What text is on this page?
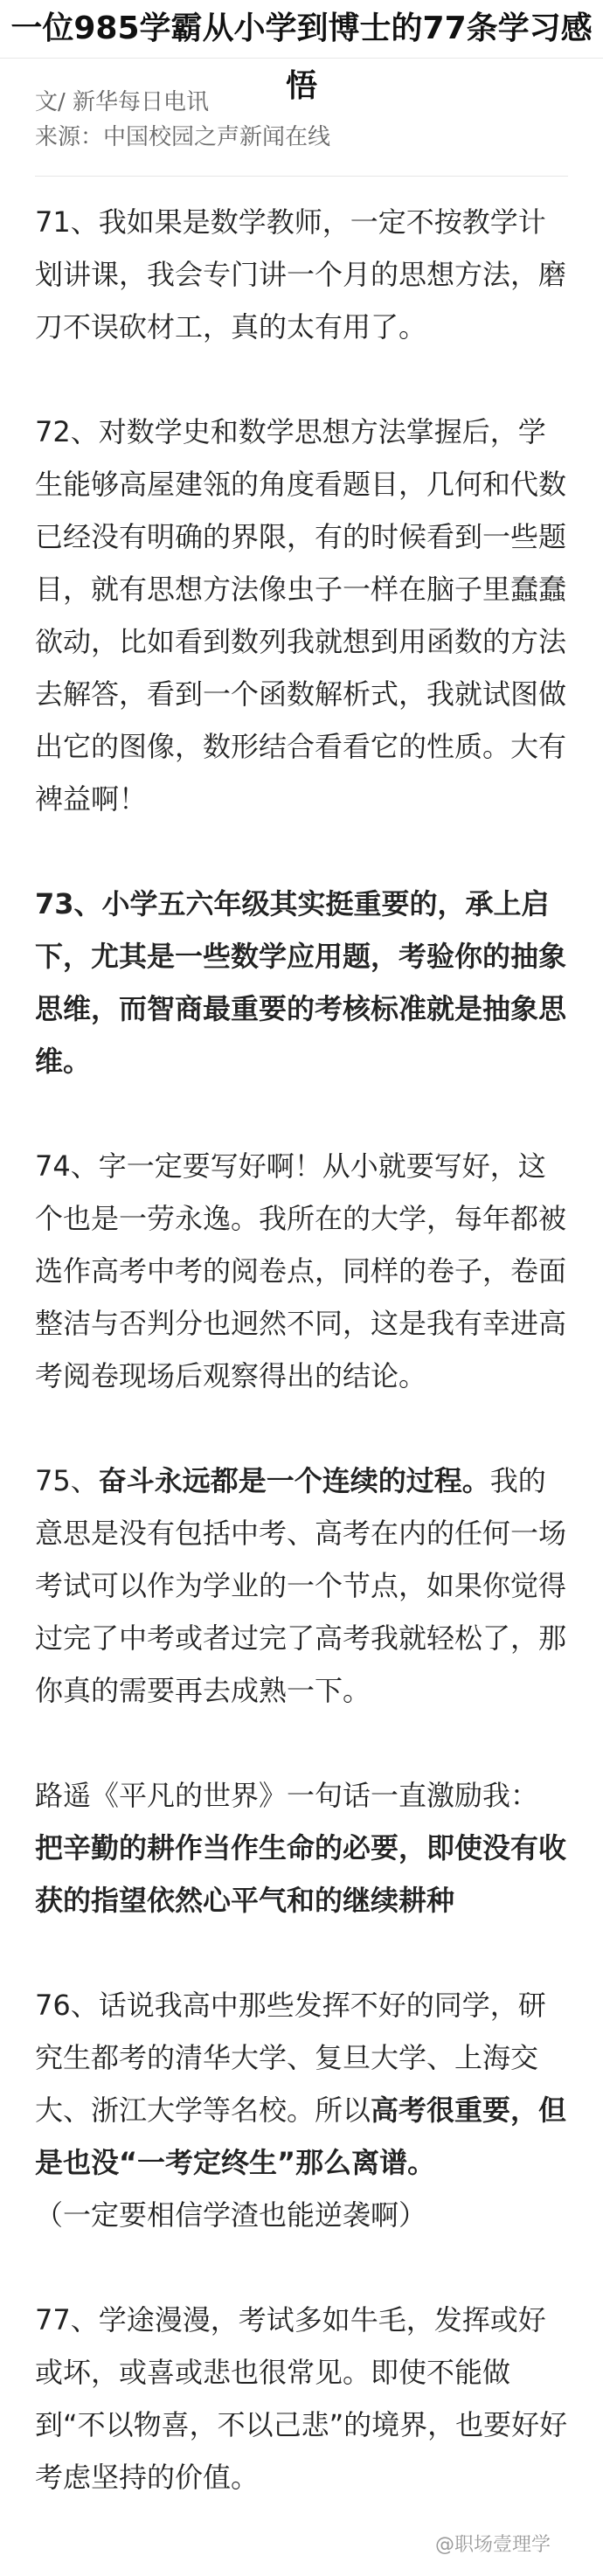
一位985学霸从小学到博士的77条学习感悟
文/ 新华每日电讯
来源：中国校园之声新闻在线

71、我如果是数学教师，一定不按教学计划讲课，我会专门讲一个月的思想方法，磨刀不误砍材工，真的太有用了。

72、对数学史和数学思想方法掌握后，学生能够高屋建瓴的角度看题目，几何和代数已经没有明确的界限，有的时候看到一些题目，就有思想方法像虫子一样在脑子里蠢蠢欲动，比如看到数列我就想到用函数的方法去解答，看到一个函数解析式，我就试图做出它的图像，数形结合看看它的性质。大有裨益啊！

73、小学五六年级其实挺重要的，承上启下，尤其是一些数学应用题，考验你的抽象思维，而智商最重要的考核标准就是抽象思维。

74、字一定要写好啊！从小就要写好，这个也是一劳永逸。我所在的大学，每年都被选作高考中考的阅卷点，同样的卷子，卷面整洁与否判分也迥然不同，这是我有幸进高考阅卷现场后观察得出的结论。

75、奋斗永远都是一个连续的过程。我的意思是没有包括中考、高考在内的任何一场考试可以作为学业的一个节点，如果你觉得过完了中考或者过完了高考我就轻松了，那你真的需要再去成熟一下。

路遥《平凡的世界》一句话一直激励我：

把辛勤的耕作当作生命的必要，即使没有收获的指望依然心平气和的继续耕种

76、话说我高中那些发挥不好的同学，研究生都考的清华大学、复旦大学、上海交大、浙江大学等名校。所以高考很重要，但是也没“一考定终生”那么离谱。

（一定要相信学渣也能逆袭啊）

77、学途漫漫，考试多如牛毛，发挥或好或坏，或喜或悲也很常见。即使不能做到“不以物喜，不以己悲”的境界，也要好好考虑坚持的价值。

@职场壹理学
